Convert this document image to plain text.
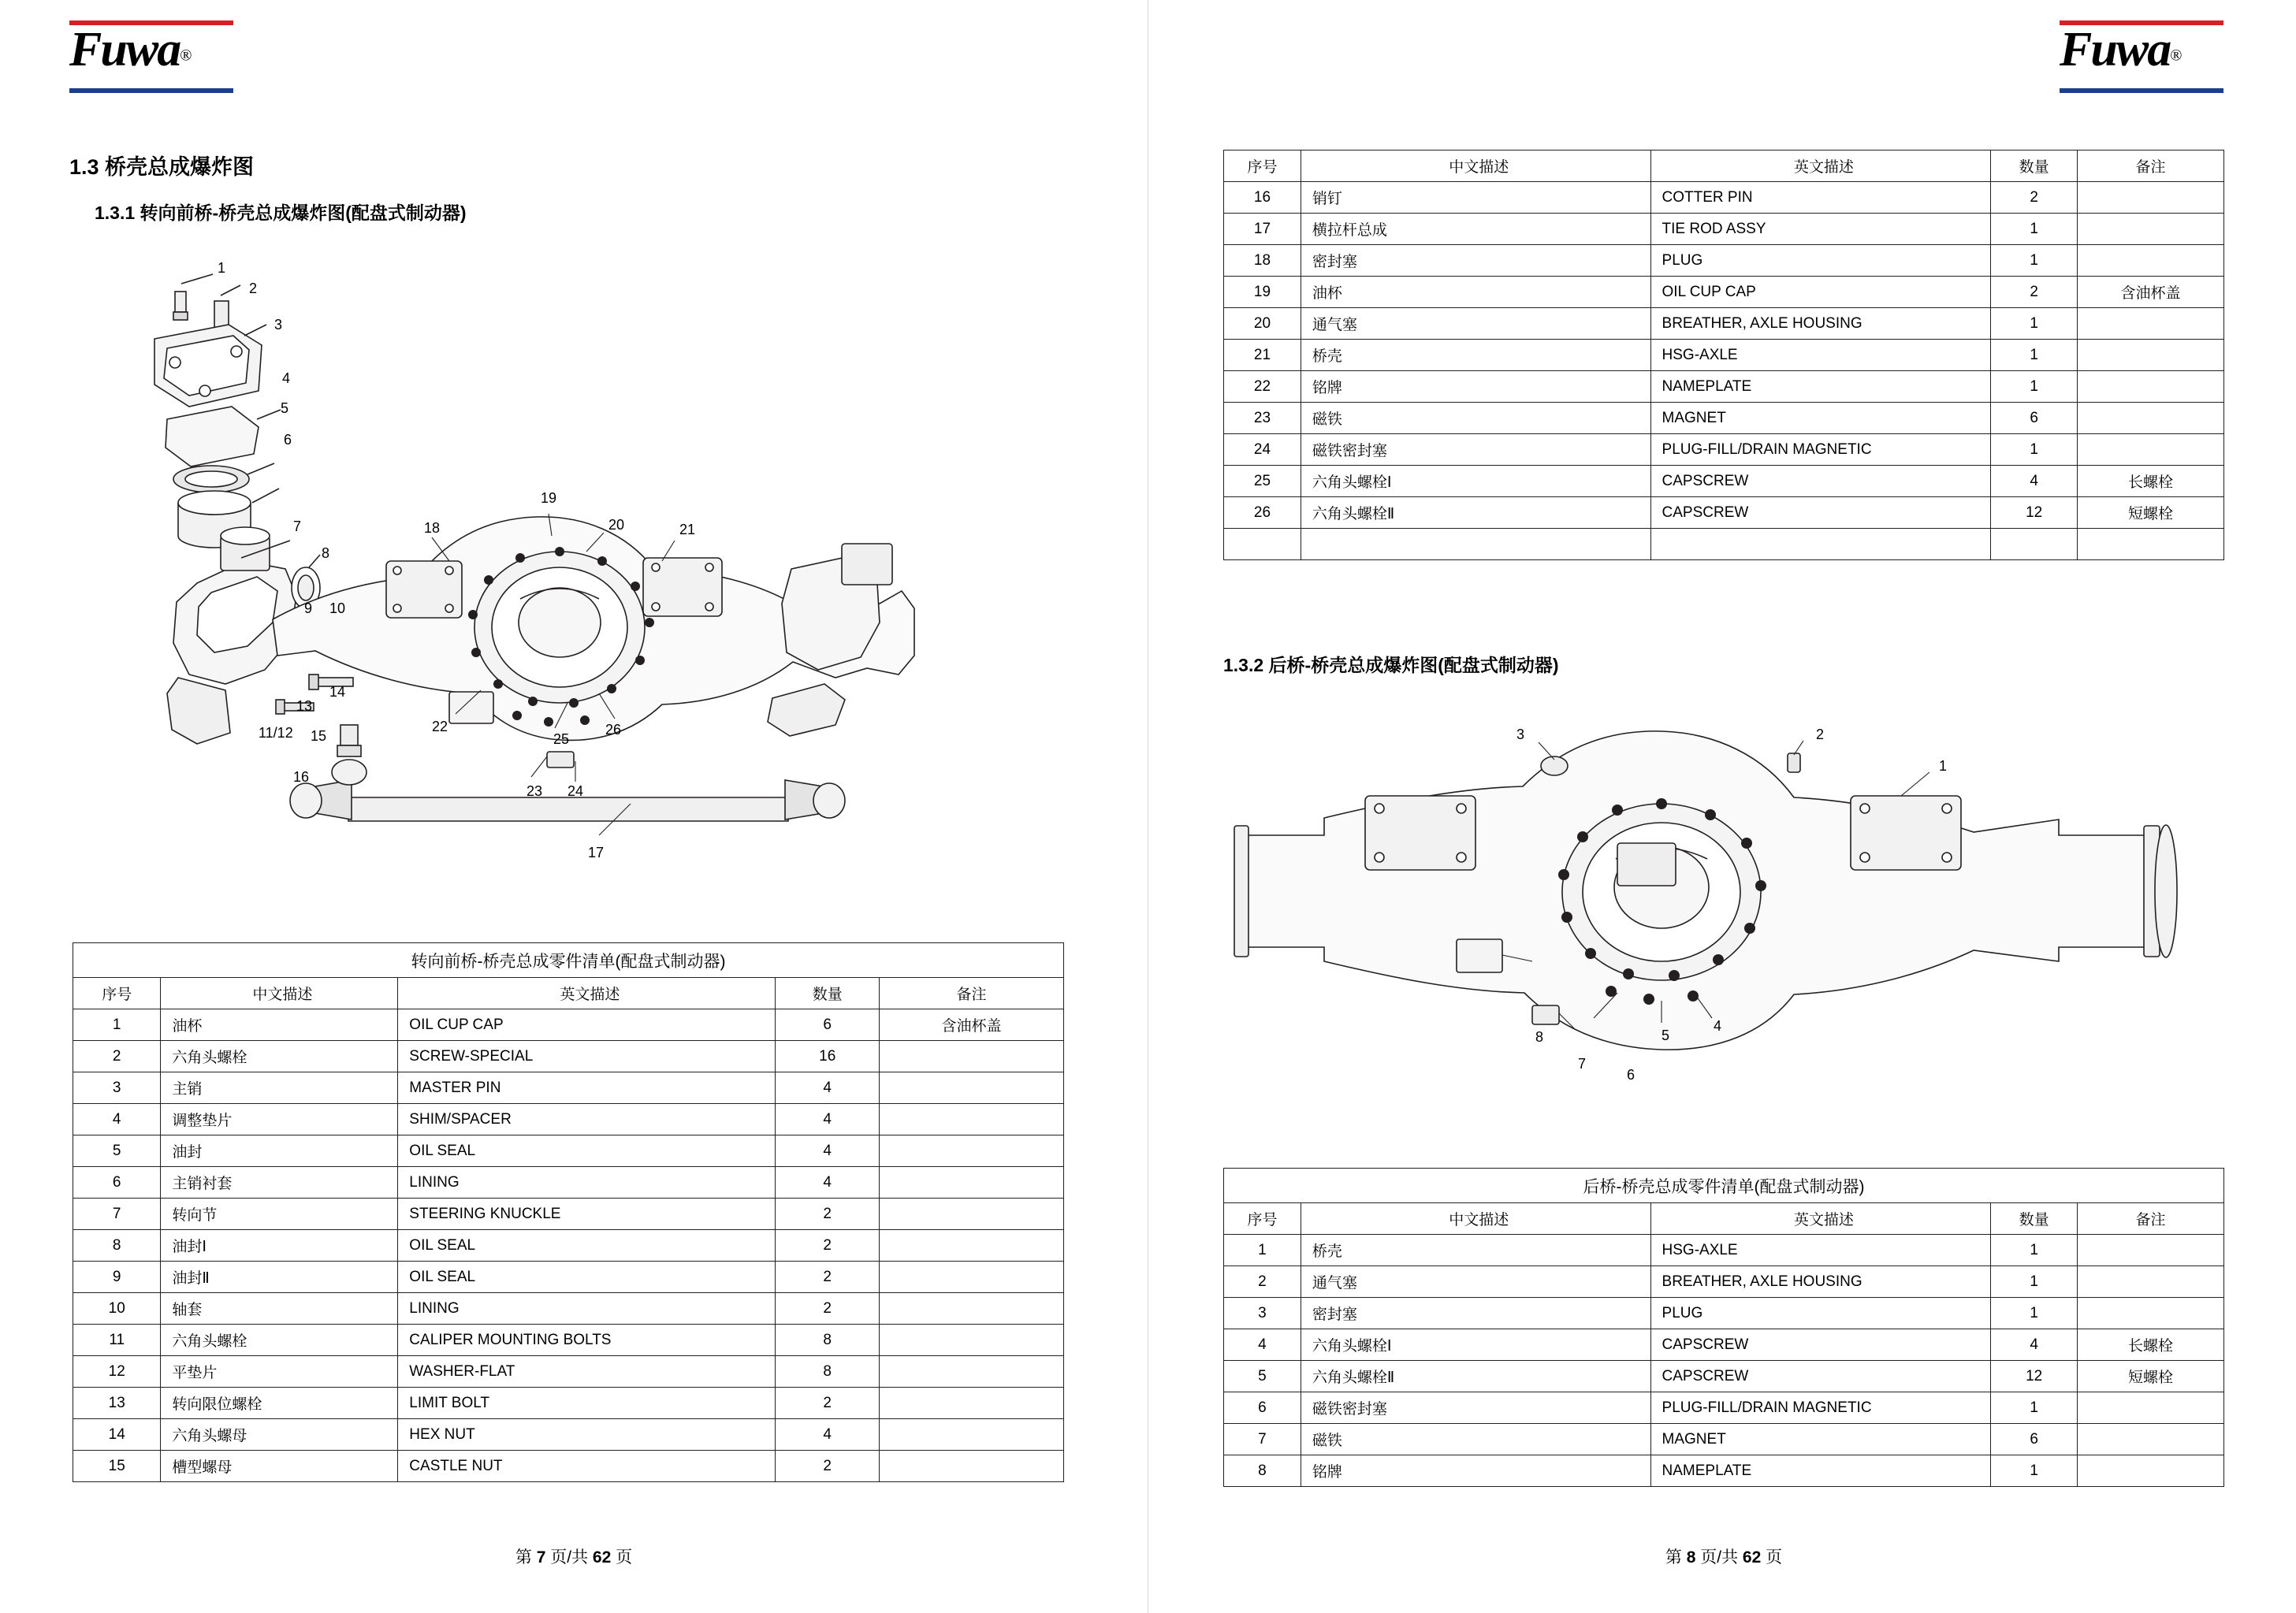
Fuwa®
1.3 桥壳总成爆炸图
1.3.1 转向前桥-桥壳总成爆炸图(配盘式制动器)
1
2
3
4
5
6
7
8
9 10
11/12
13
14
15
16
17
18
19
20	21
22
23 24
25
26
转向前桥-桥壳总成零件清单(配盘式制动器)				
序号	中文描述	英文描述	数量	备注
1	油杯	OIL CUP CAP	6	含油杯盖
2	六角头螺栓	SCREW-SPECIAL	16	
3	主销	MASTER PIN	4	
4	调整垫片	SHIM/SPACER	4	
5	油封	OIL SEAL	4	
6	主销衬套	LINING	4	
7	转向节	STEERING KNUCKLE	2	
8	油封Ⅰ	OIL SEAL	2	
9	油封Ⅱ	OIL SEAL	2	
10	轴套	LINING	2	
11	六角头螺栓	CALIPER MOUNTING BOLTS	8	
12	平垫片	WASHER-FLAT	8	
13	转向限位螺栓	LIMIT BOLT	2	
14	六角头螺母	HEX NUT	4	
15	槽型螺母	CASTLE NUT	2	
第 7 页/共 62 页
Fuwa®
序号	中文描述	英文描述	数量	备注
16	销钉	COTTER PIN	2	
17	横拉杆总成	TIE ROD ASSY	1	
18	密封塞	PLUG	1	
19	油杯	OIL CUP CAP	2	含油杯盖
20	通气塞	BREATHER, AXLE HOUSING	1	
21	桥壳	HSG-AXLE	1	
22	铭牌	NAMEPLATE	1	
23	磁铁	MAGNET	6	
24	磁铁密封塞	PLUG-FILL/DRAIN MAGNETIC	1	
25	六角头螺栓Ⅰ	CAPSCREW	4	长螺栓
26	六角头螺栓Ⅱ	CAPSCREW	12	短螺栓

1.3.2 后桥-桥壳总成爆炸图(配盘式制动器)
3	2
1
8
7
6
5
4
后桥-桥壳总成零件清单(配盘式制动器)				
序号	中文描述	英文描述	数量	备注
1	桥壳	HSG-AXLE	1	
2	通气塞	BREATHER, AXLE HOUSING	1	
3	密封塞	PLUG	1	
4	六角头螺栓Ⅰ	CAPSCREW	4	长螺栓
5	六角头螺栓Ⅱ	CAPSCREW	12	短螺栓
6	磁铁密封塞	PLUG-FILL/DRAIN MAGNETIC	1	
7	磁铁	MAGNET	6	
8	铭牌	NAMEPLATE	1	
第 8 页/共 62 页
